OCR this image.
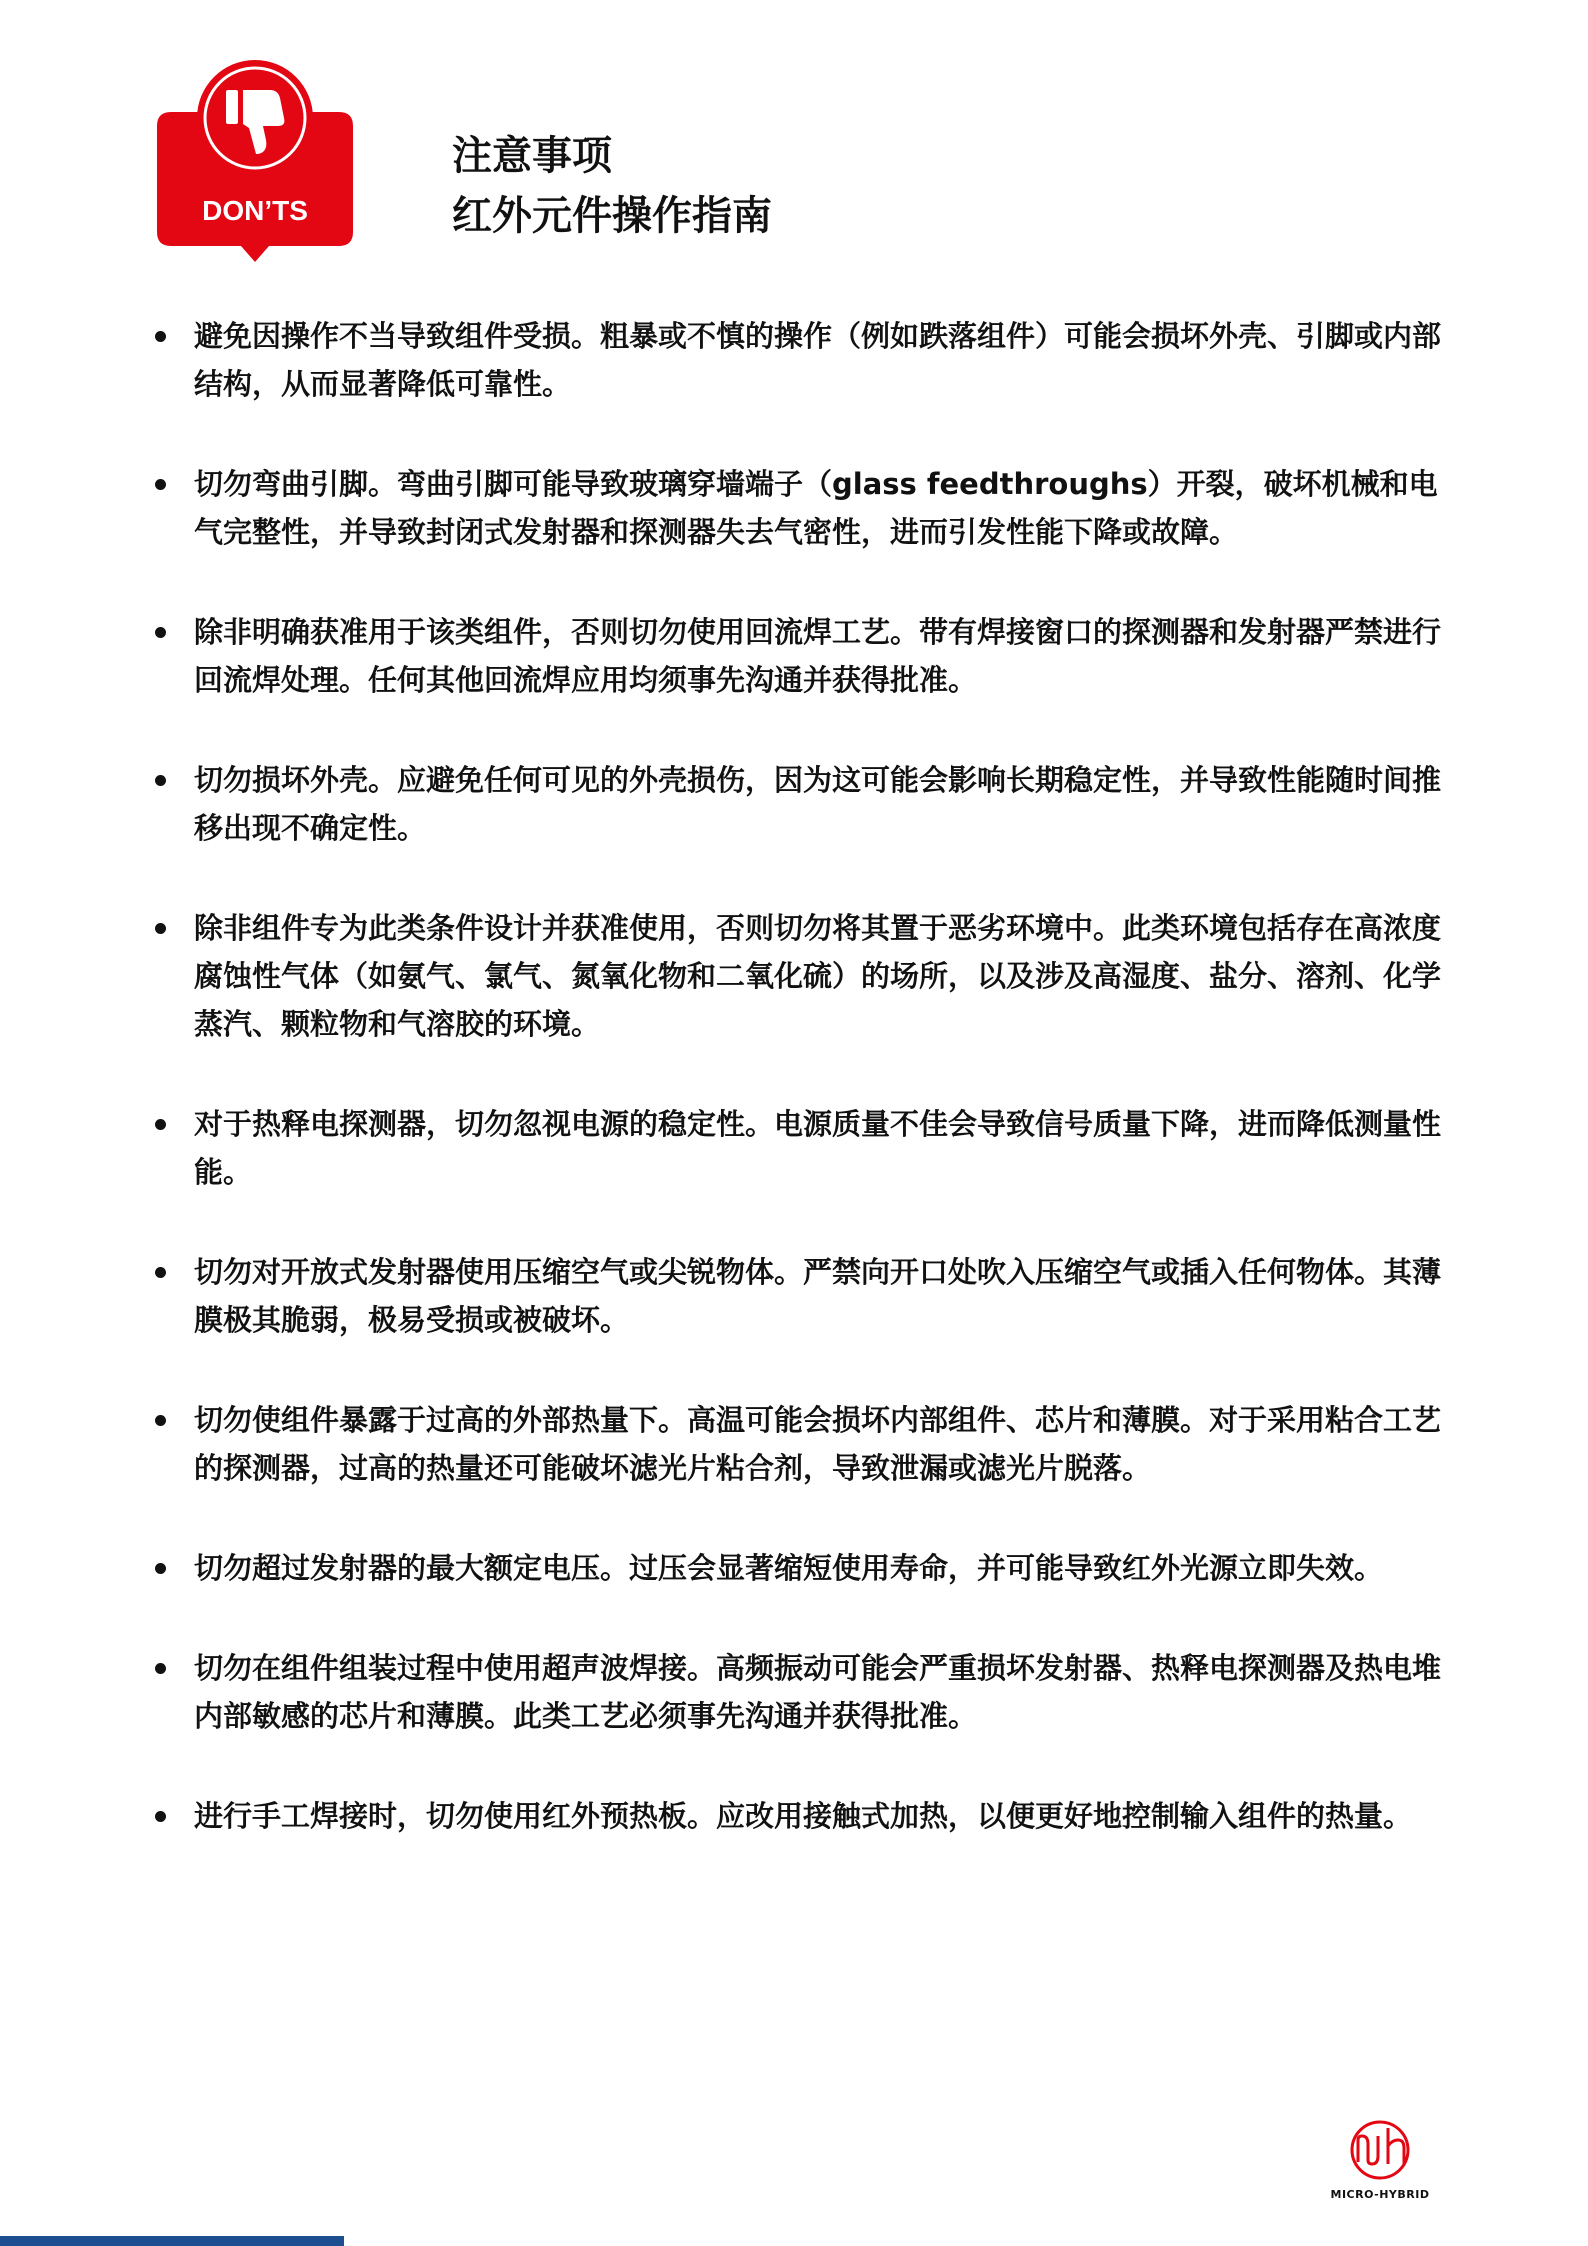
DON’TS
注意事项
红外元件操作指南
避免因操作不当导致组件受损。粗暴或不慎的操作（例如跌落组件）可能会损坏外壳、引脚或内部结构，从而显著降低可靠性。
切勿弯曲引脚。弯曲引脚可能导致玻璃穿墙端子（glass feedthroughs）开裂，破坏机械和电气完整性，并导致封闭式发射器和探测器失去气密性，进而引发性能下降或故障。
除非明确获准用于该类组件，否则切勿使用回流焊工艺。带有焊接窗口的探测器和发射器严禁进行回流焊处理。任何其他回流焊应用均须事先沟通并获得批准。
切勿损坏外壳。应避免任何可见的外壳损伤，因为这可能会影响长期稳定性，并导致性能随时间推移出现不确定性。
除非组件专为此类条件设计并获准使用，否则切勿将其置于恶劣环境中。此类环境包括存在高浓度腐蚀性气体（如氨气、氯气、氮氧化物和二氧化硫）的场所，以及涉及高湿度、盐分、溶剂、化学蒸汽、颗粒物和气溶胶的环境。
对于热释电探测器，切勿忽视电源的稳定性。电源质量不佳会导致信号质量下降，进而降低测量性能。
切勿对开放式发射器使用压缩空气或尖锐物体。严禁向开口处吹入压缩空气或插入任何物体。其薄膜极其脆弱，极易受损或被破坏。
切勿使组件暴露于过高的外部热量下。高温可能会损坏内部组件、芯片和薄膜。对于采用粘合工艺的探测器，过高的热量还可能破坏滤光片粘合剂，导致泄漏或滤光片脱落。
切勿超过发射器的最大额定电压。过压会显著缩短使用寿命，并可能导致红外光源立即失效。
切勿在组件组装过程中使用超声波焊接。高频振动可能会严重损坏发射器、热释电探测器及热电堆内部敏感的芯片和薄膜。此类工艺必须事先沟通并获得批准。
进行手工焊接时，切勿使用红外预热板。应改用接触式加热，以便更好地控制输入组件的热量。
MICRO-HYBRID
